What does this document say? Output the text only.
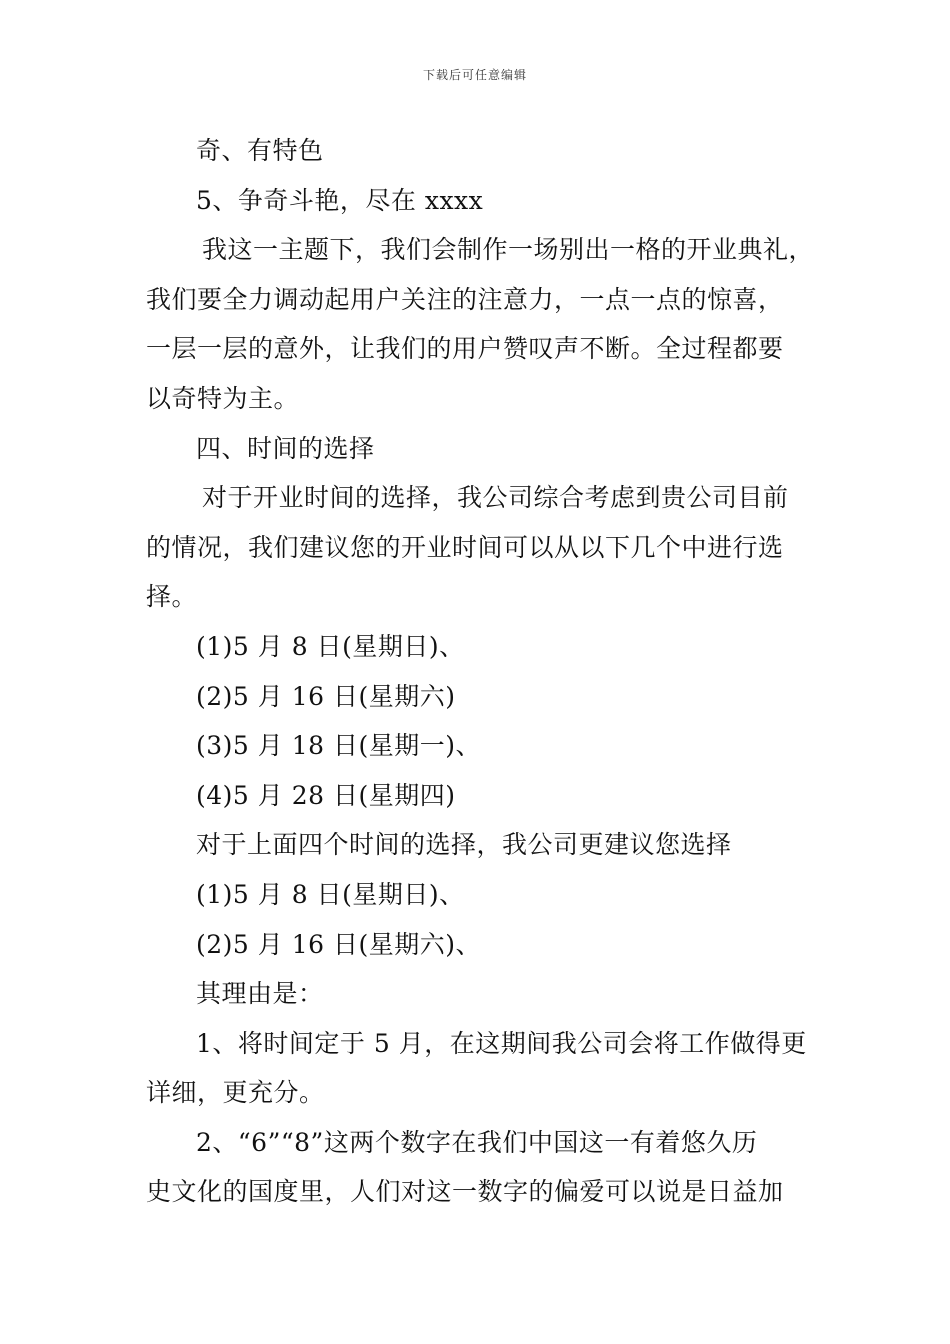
下载后可任意编辑
奇、有特色
5、争奇斗艳，尽在 xxxx
我这一主题下，我们会制作一场别出一格的开业典礼，
我们要全力调动起用户关注的注意力，一点一点的惊喜，
一层一层的意外，让我们的用户赞叹声不断。全过程都要
以奇特为主。
四、时间的选择
对于开业时间的选择，我公司综合考虑到贵公司目前
的情况，我们建议您的开业时间可以从以下几个中进行选
择。
(1)5 月 8 日(星期日)、
(2)5 月 16 日(星期六)
(3)5 月 18 日(星期一)、
(4)5 月 28 日(星期四)
对于上面四个时间的选择，我公司更建议您选择
(1)5 月 8 日(星期日)、
(2)5 月 16 日(星期六)、
其理由是：
1、将时间定于 5 月，在这期间我公司会将工作做得更
详细，更充分。
2、“6”“8”这两个数字在我们中国这一有着悠久历
史文化的国度里，人们对这一数字的偏爱可以说是日益加
